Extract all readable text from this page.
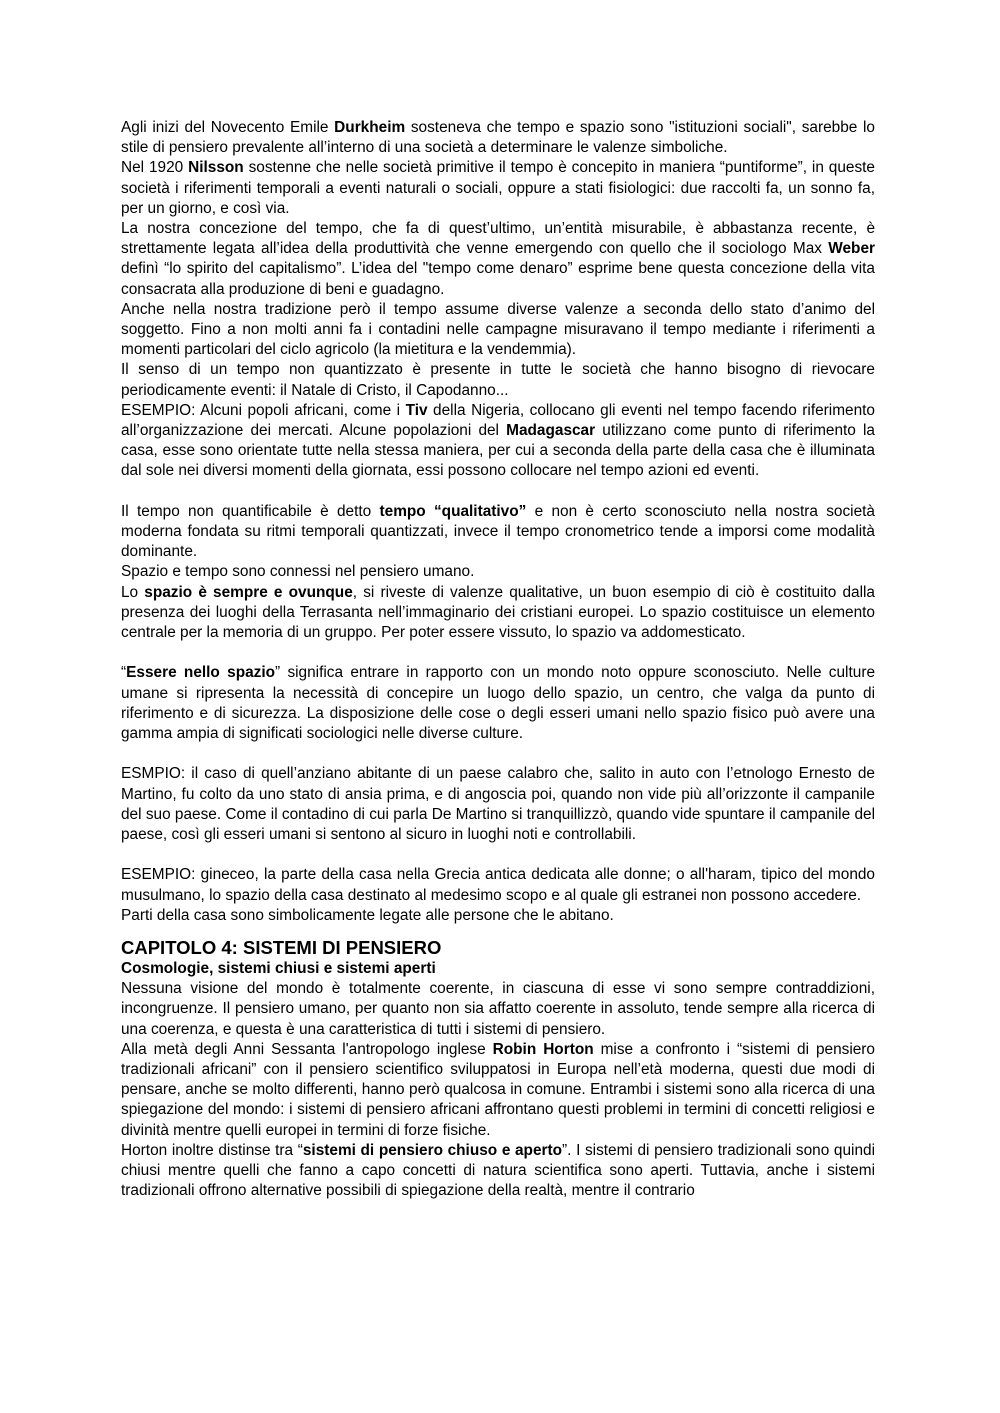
Agli inizi del Novecento Emile Durkheim sosteneva che tempo e spazio sono "istituzioni sociali", sarebbe lo stile di pensiero prevalente all’interno di una società a determinare le valenze simboliche.

Nel 1920 Nilsson sostenne che nelle società primitive il tempo è concepito in maniera “puntiforme”, in queste società i riferimenti temporali a eventi naturali o sociali, oppure a stati fisiologici: due raccolti fa, un sonno fa, per un giorno, e così via.

La nostra concezione del tempo, che fa di quest’ultimo, un’entità misurabile, è abbastanza recente, è strettamente legata all’idea della produttività che venne emergendo con quello che il sociologo Max Weber definì “lo spirito del capitalismo”. L’idea del "tempo come denaro” esprime bene questa concezione della vita consacrata alla produzione di beni e guadagno.

Anche nella nostra tradizione però il tempo assume diverse valenze a seconda dello stato d’animo del soggetto. Fino a non molti anni fa i contadini nelle campagne misuravano il tempo mediante i riferimenti a momenti particolari del ciclo agricolo (la mietitura e la vendemmia).

Il senso di un tempo non quantizzato è presente in tutte le società che hanno bisogno di rievocare periodicamente eventi: il Natale di Cristo, il Capodanno...

ESEMPIO: Alcuni popoli africani, come i Tiv della Nigeria, collocano gli eventi nel tempo facendo riferimento all’organizzazione dei mercati. Alcune popolazioni del Madagascar utilizzano come punto di riferimento la casa, esse sono orientate tutte nella stessa maniera, per cui a seconda della parte della casa che è illuminata dal sole nei diversi momenti della giornata, essi possono collocare nel tempo azioni ed eventi.

Il tempo non quantificabile è detto tempo “qualitativo” e non è certo sconosciuto nella nostra società moderna fondata su ritmi temporali quantizzati, invece il tempo cronometrico tende a imporsi come modalità dominante.

Spazio e tempo sono connessi nel pensiero umano.

Lo spazio è sempre e ovunque, si riveste di valenze qualitative, un buon esempio di ciò è costituito dalla presenza dei luoghi della Terrasanta nell’immaginario dei cristiani europei. Lo spazio costituisce un elemento centrale per la memoria di un gruppo. Per poter essere vissuto, lo spazio va addomesticato.

“Essere nello spazio” significa entrare in rapporto con un mondo noto oppure sconosciuto. Nelle culture umane si ripresenta la necessità di concepire un luogo dello spazio, un centro, che valga da punto di riferimento e di sicurezza. La disposizione delle cose o degli esseri umani nello spazio fisico può avere una gamma ampia di significati sociologici nelle diverse culture.

ESMPIO: il caso di quell’anziano abitante di un paese calabro che, salito in auto con l’etnologo Ernesto de Martino, fu colto da uno stato di ansia prima, e di angoscia poi, quando non vide più all’orizzonte il campanile del suo paese. Come il contadino di cui parla De Martino si tranquillizzò, quando vide spuntare il campanile del paese, così gli esseri umani si sentono al sicuro in luoghi noti e controllabili.

ESEMPIO: gineceo, la parte della casa nella Grecia antica dedicata alle donne; o all'haram, tipico del mondo musulmano, lo spazio della casa destinato al medesimo scopo e al quale gli estranei non possono accedere.

Parti della casa sono simbolicamente legate alle persone che le abitano.

CAPITOLO 4: SISTEMI DI PENSIERO
Cosmologie, sistemi chiusi e sistemi aperti

Nessuna visione del mondo è totalmente coerente, in ciascuna di esse vi sono sempre contraddizioni, incongruenze. Il pensiero umano, per quanto non sia affatto coerente in assoluto, tende sempre alla ricerca di una coerenza, e questa è una caratteristica di tutti i sistemi di pensiero.

Alla metà degli Anni Sessanta l'antropologo inglese Robin Horton mise a confronto i “sistemi di pensiero tradizionali africani” con il pensiero scientifico sviluppatosi in Europa nell’età moderna, questi due modi di pensare, anche se molto differenti, hanno però qualcosa in comune. Entrambi i sistemi sono alla ricerca di una spiegazione del mondo: i sistemi di pensiero africani affrontano questi problemi in termini di concetti religiosi e divinità mentre quelli europei in termini di forze fisiche.

Horton inoltre distinse tra “sistemi di pensiero chiuso e aperto”. I sistemi di pensiero tradizionali sono quindi chiusi mentre quelli che fanno a capo concetti di natura scientifica sono aperti. Tuttavia, anche i sistemi tradizionali offrono alternative possibili di spiegazione della realtà, mentre il contrario
